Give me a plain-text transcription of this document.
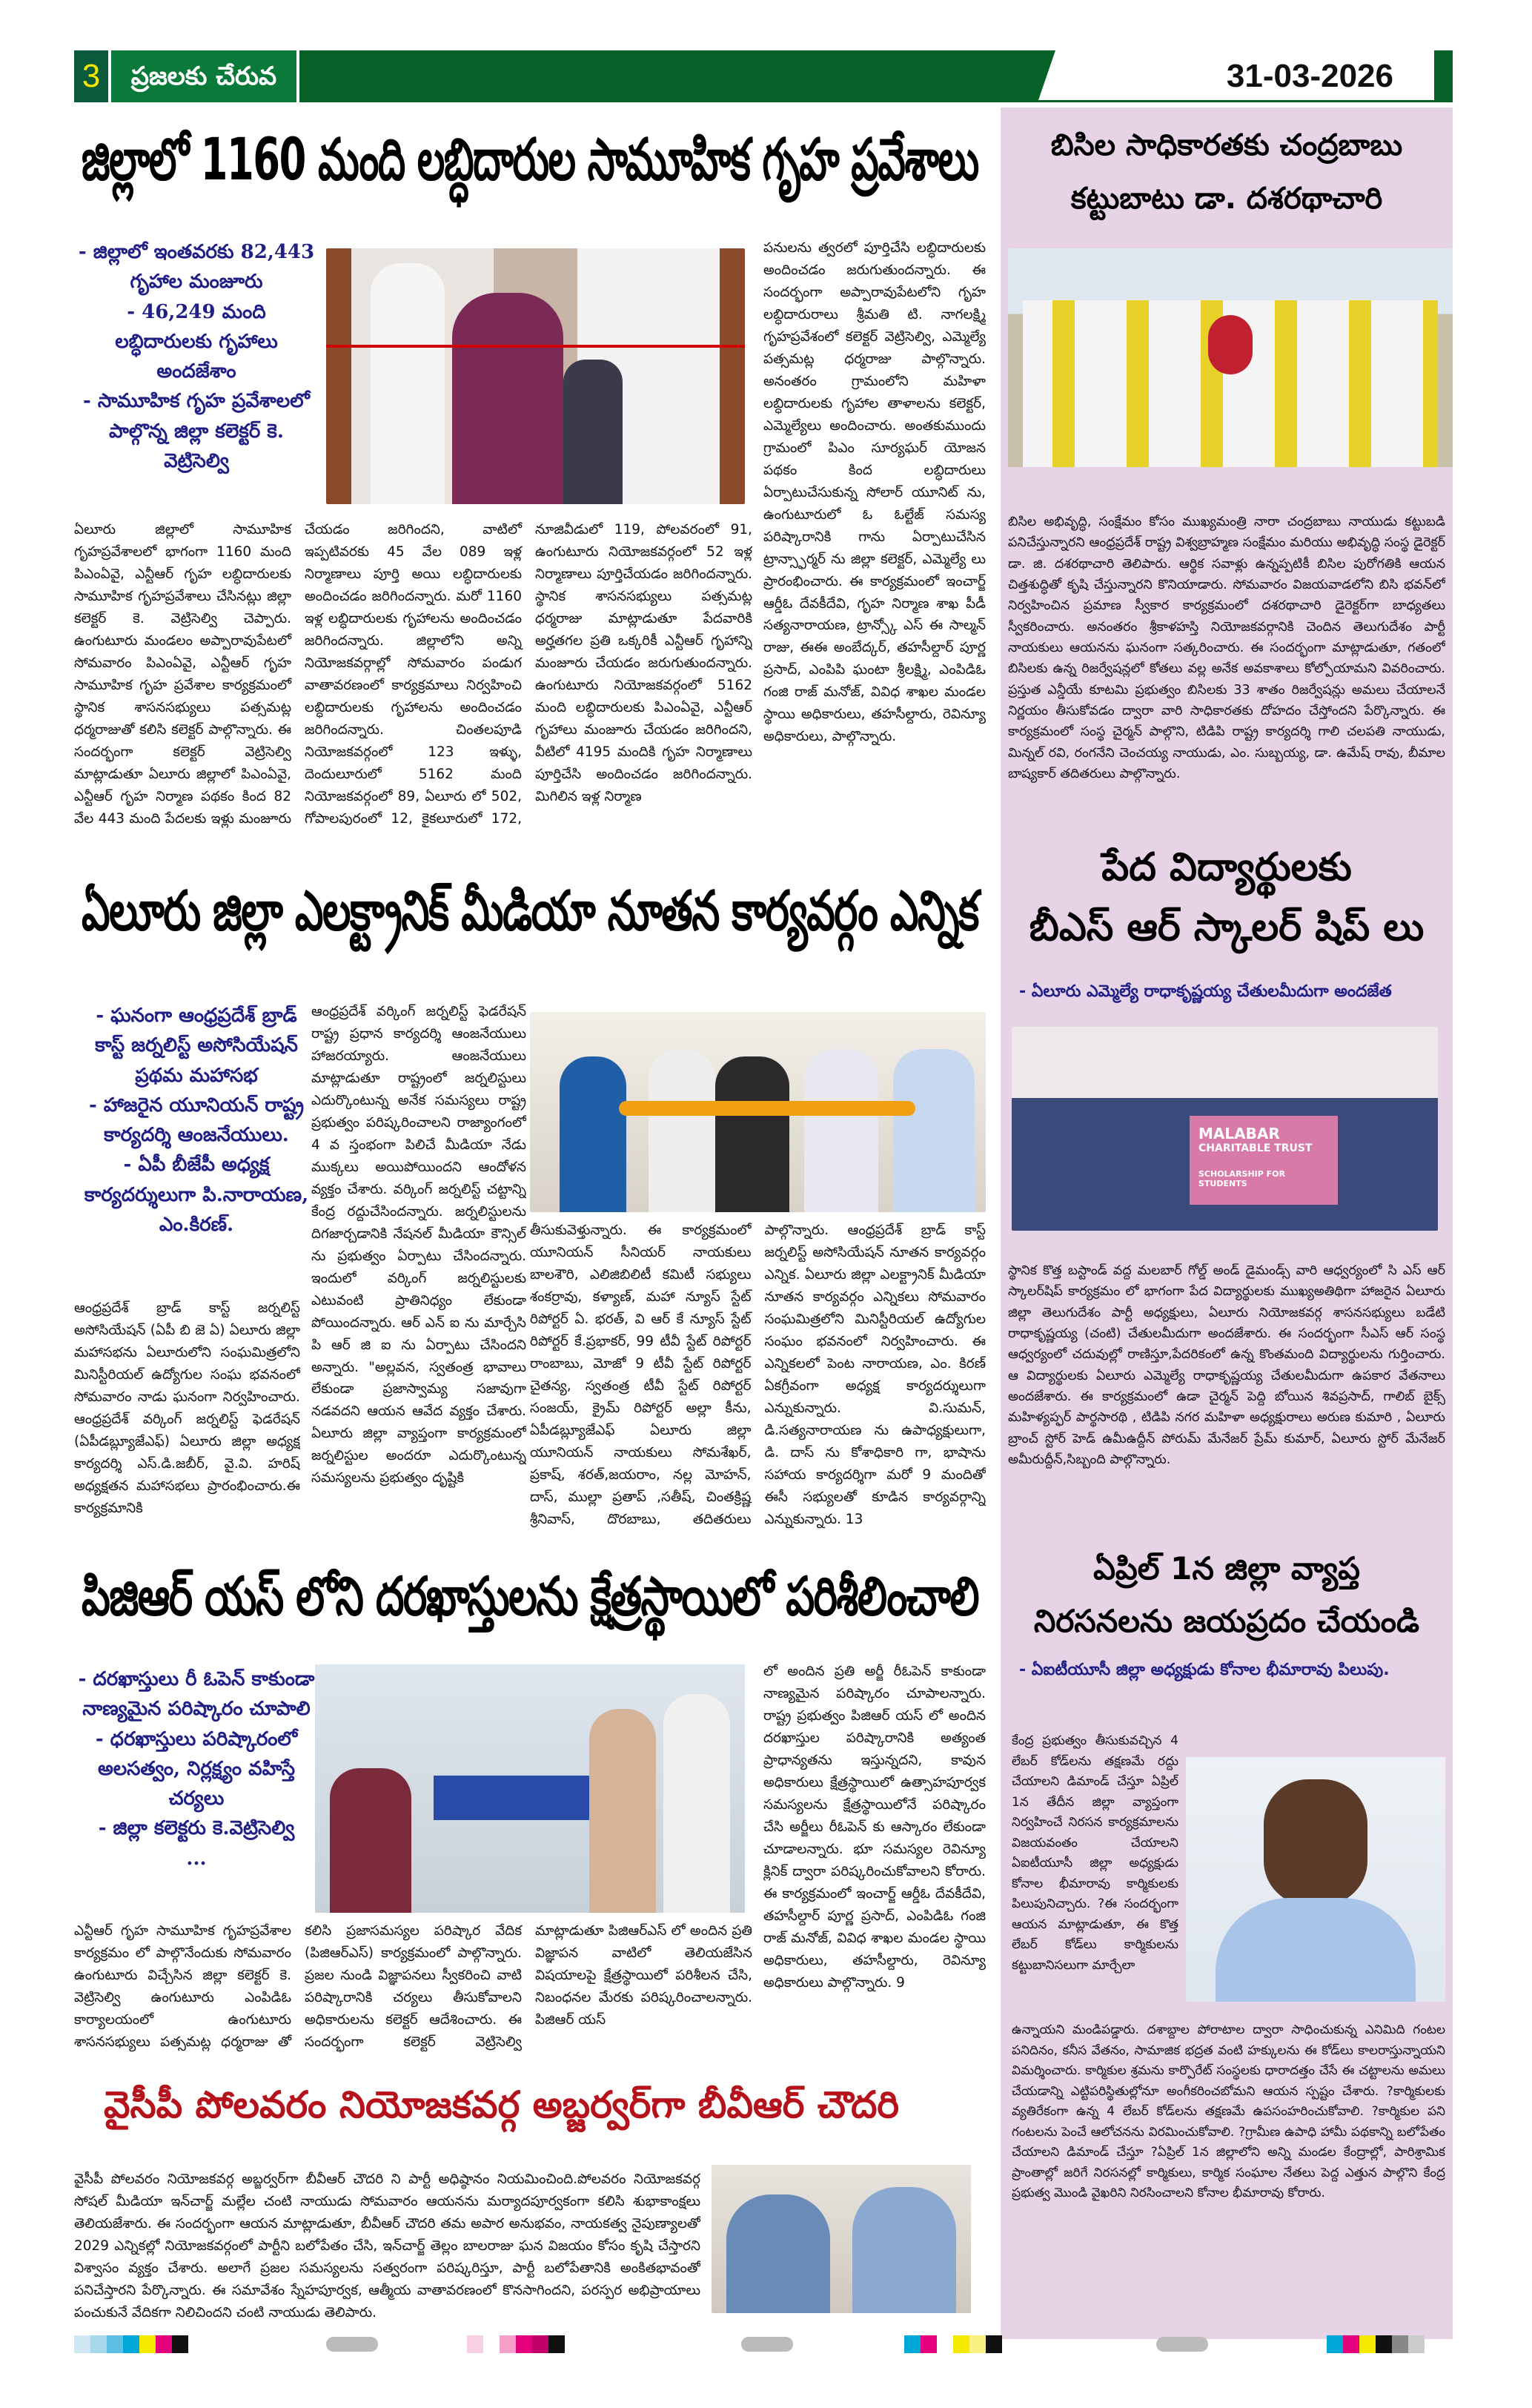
3	ప్రజలకు చేరువ	31-03-2026
జిల్లాలో 1160 మంది లబ్ధిదారుల సామూహిక గృహ ప్రవేశాలు
- జిల్లాలో ఇంతవరకు 82,443 గృహాల మంజూరు
- 46,249 మంది లబ్ధిదారులకు గృహాలు అందజేశాం
- సామూహిక గృహ ప్రవేశాలలో పాల్గొన్న జిల్లా కలెక్టర్ కె. వెట్రిసెల్వి
పనులను త్వరలో పూర్తిచేసి లబ్ధిదారులకు అందించడం జరుగుతుందన్నారు. ఈ సందర్భంగా అప్పారావుపేటలోని గృహ లబ్ధిదారురాలు శ్రీమతి టి. నాగలక్ష్మి గృహప్రవేశంలో కలెక్టర్ వెట్రిసెల్వి, ఎమ్మెల్యే పత్సమట్ల ధర్మరాజు పాల్గొన్నారు. అనంతరం గ్రామంలోని మహిళా లబ్ధిదారులకు గృహాల తాళాలను కలెక్టర్, ఎమ్మెల్యేలు అందించారు. అంతకుముందు గ్రామంలో పిఎం సూర్యఘర్ యోజన పథకం కింద లబ్ధిదారులు ఏర్పాటుచేసుకున్న సోలార్ యూనిట్ ను, ఉంగుటూరులో ఓ ఓల్టేజ్ సమస్య పరిష్కారానికి గాను ఏర్పాటుచేసిన ట్రాన్స్ఫార్మర్ ను జిల్లా కలెక్టర్, ఎమ్మెల్యే లు ప్రారంభించారు. ఈ కార్యక్రమంలో ఇంచార్జ్ ఆర్డీఓ దేవకీదేవి, గృహ నిర్మాణ శాఖ పీడీ సత్యనారాయణ, ట్రాన్స్కో ఎస్ ఈ సాల్మన్ రాజు, ఈఈ అంబేద్కర్, తహసీల్దార్ పూర్ణ ప్రసాద్, ఎంపిపి ఘంటా శ్రీలక్ష్మి, ఎంపిడిఓ గంజి రాజ్ మనోజ్, వివిధ శాఖల మండల స్థాయి అధికారులు, తహసీల్దారు, రెవిన్యూ అధికారులు, పాల్గొన్నారు.
ఏలూరు జిల్లాలో సామూహిక గృహప్రవేశాలలో భాగంగా 1160 మంది పిఎంఏవై, ఎన్టీఆర్ గృహ లబ్ధిదారులకు సామూహిక గృహప్రవేశాలు చేసినట్లు జిల్లా కలెక్టర్ కె. వెట్రిసెల్వి చెప్పారు. ఉంగుటూరు మండలం అప్పారావుపేటలో సోమవారం పిఎంఏవై, ఎన్టీఆర్ గృహ సామూహిక గృహ ప్రవేశాల కార్యక్రమంలో స్థానిక శాసనసభ్యులు పత్సమట్ల ధర్మరాజుతో కలిసి కలెక్టర్ పాల్గొన్నారు. ఈ సందర్భంగా కలెక్టర్ వెట్రిసెల్వి మాట్లాడుతూ ఏలూరు జిల్లాలో పిఎంఏవై, ఎన్టీఆర్ గృహ నిర్మాణ పథకం కింద 82 వేల 443 మంది పేదలకు ఇళ్లు మంజూరు చేయడం జరిగిందని, వాటిలో ఇప్పటివరకు 45 వేల 089 ఇళ్ల నిర్మాణాలు పూర్తి అయి లబ్ధిదారులకు అందించడం జరిగిందన్నారు. మరో 1160 ఇళ్ల లబ్ధిదారులకు గృహాలను అందించడం జరిగిందన్నారు. జిల్లాలోని అన్ని నియోజకవర్గాల్లో సోమవారం పండుగ వాతావరణంలో కార్యక్రమాలు నిర్వహించి లబ్ధిదారులకు గృహాలను అందించడం జరిగిందన్నారు. చింతలపూడి నియోజకవర్గంలో 123 ఇళ్ళు, దెందులూరులో 5162 మంది నియోజకవర్గంలో 89, ఏలూరు లో 502, గోపాలపురంలో 12, కైకలూరులో 172, నూజివీడులో 119, పోలవరంలో 91, ఉంగుటూరు నియోజకవర్గంలో 52 ఇళ్ల నిర్మాణాలు పూర్తిచేయడం జరిగిందన్నారు. స్థానిక శాసనసభ్యులు పత్సమట్ల ధర్మరాజు మాట్లాడుతూ పేదవారికి అర్హతగల ప్రతి ఒక్కరికీ ఎన్టీఆర్ గృహాన్ని మంజూరు చేయడం జరుగుతుందన్నారు. ఉంగుటూరు నియోజకవర్గంలో 5162 మంది లబ్ధిదారులకు పిఎంఏవై, ఎన్టీఆర్ గృహాలు మంజూరు చేయడం జరిగిందని, వీటిలో 4195 మందికి గృహ నిర్మాణాలు పూర్తిచేసి అందించడం జరిగిందన్నారు. మిగిలిన ఇళ్ల నిర్మాణ
ఏలూరు జిల్లా ఎలక్ట్రానిక్ మీడియా నూతన కార్యవర్గం ఎన్నిక
- ఘనంగా ఆంధ్రప్రదేశ్ బ్రాడ్ కాస్ట్ జర్నలిస్ట్ అసోసియేషన్ ప్రథమ మహాసభ
- హాజరైన యూనియన్ రాష్ట్ర కార్యదర్శి ఆంజనేయులు.
- ఏపీ బీజేపీ అధ్యక్ష కార్యదర్శులుగా పి.నారాయణ, ఎం.కిరణ్.
ఆంధ్రప్రదేశ్ బ్రాడ్ కాస్ట్ జర్నలిస్ట్ అసోసియేషన్ (ఏపీ బి జె ఏ) ఏలూరు జిల్లా మహాసభను ఏలూరులోని సంఘమిత్రలోని మినిస్టీరియల్ ఉద్యోగుల సంఘ భవనంలో సోమవారం నాడు ఘనంగా నిర్వహించారు. ఆంధ్రప్రదేశ్ వర్కింగ్ జర్నలిస్ట్ ఫెడరేషన్ (ఏపీడబ్ల్యూజేఎఫ్) ఏలూరు జిల్లా అధ్యక్ష కార్యదర్శి ఎస్.డి.జబీర్, వై.వి. హరిష్ అధ్యక్షతన మహాసభలు ప్రారంభించారు.ఈ కార్యక్రమానికి
ఆంధ్రప్రదేశ్ వర్కింగ్ జర్నలిస్ట్ ఫెడరేషన్ రాష్ట్ర ప్రధాన కార్యదర్శి ఆంజనేయులు హాజరయ్యారు. ఆంజనేయులు మాట్లాడుతూ రాష్ట్రంలో జర్నలిస్టులు ఎదుర్కొంటున్న అనేక సమస్యలు రాష్ట్ర ప్రభుత్వం పరిష్కరించాలని రాజ్యాంగంలో 4 వ స్తంభంగా పిలిచే మీడియా నేడు ముక్కలు అయిపోయిందని ఆందోళన వ్యక్తం చేశారు. వర్కింగ్ జర్నలిస్ట్ చట్టాన్ని కేంద్ర రద్దుచేసిందన్నారు. జర్నలిస్టులను దిగజార్చడానికి నేషనల్ మీడియా కౌన్సిల్ ను ప్రభుత్వం ఏర్పాటు చేసిందన్నారు. ఇందులో వర్కింగ్ జర్నలిస్టులకు ఎటువంటి ప్రాతినిధ్యం లేకుండా పోయిందన్నారు. ఆర్ ఎన్ ఐ ను మార్చేసి పి ఆర్ జి ఐ ను ఏర్పాటు చేసిందని అన్నారు. "అల్లవన, స్వతంత్ర భావాలు లేకుండా ప్రజాస్వామ్య సజావుగా నడవదని ఆయన ఆవేద వ్యక్తం చేశారు. ఏలూరు జిల్లా వ్యాప్తంగా కార్యక్రమంలో జర్నలిస్టుల అందరూ ఎదుర్కొంటున్న సమస్యలను ప్రభుత్వం దృష్టికి
తీసుకువెళ్తున్నారు. ఈ కార్యక్రమంలో యూనియన్ సీనియర్ నాయకులు బాలశౌరి, ఎలిజిబిలిటీ కమిటీ సభ్యులు శంకర్రావు, కళ్యాణ్, మహా న్యూస్ స్టేట్ రిపోర్టర్ ఏ. భరత్, వి ఆర్ కే న్యూస్ స్టేట్ రిపోర్టర్ కే.ప్రభాకర్, 99 టీవీ స్టేట్ రిపోర్టర్ రాంబాబు, మోజో 9 టీవీ స్టేట్ రిపోర్టర్ చైతన్య, స్వతంత్ర టీవీ స్టేట్ రిపోర్టర్ సంజయ్, క్రైమ్ రిపోర్టర్ అల్లా కీను, ఏపీడబ్ల్యూజేఎఫ్ ఏలూరు జిల్లా యూనియన్ నాయకులు సోమశేఖర్, ప్రకాష్, శరత్,జయరాం, నల్ల మోహన్, దాస్, ముల్లా ప్రతాప్ ,సతీష్, చింతక్రిష్ణ శ్రీనివాస్, దొరబాబు, తదితరులు పాల్గొన్నారు. ఆంధ్రప్రదేశ్ బ్రాడ్ కాస్ట్ జర్నలిస్ట్ అసోసియేషన్ నూతన కార్యవర్గం ఎన్నిక. ఏలూరు జిల్లా ఎలక్ట్రానిక్ మీడియా నూతన కార్యవర్గం ఎన్నికలు సోమవారం సంఘమిత్రలోని మినిస్టీరియల్ ఉద్యోగుల సంఘం భవనంలో నిర్వహించారు. ఈ ఎన్నికలలో పెంట నారాయణ, ఎం. కిరణ్ ఏకగ్రీవంగా అధ్యక్ష కార్యదర్శులుగా ఎన్నుకున్నారు. వి.సుమన్, డి.సత్యనారాయణ ను ఉపాధ్యక్షులుగా, డి. దాస్ ను కోశాధికారి గా, భాషాను సహాయ కార్యదర్శిగా మరో 9 మందితో ఈసీ సభ్యులతో కూడిన కార్యవర్గాన్ని ఎన్నుకున్నారు. 13
పిజిఆర్ యస్ లోని దరఖాస్తులను క్షేత్రస్థాయిలో పరిశీలించాలి
- దరఖాస్తులు రీ ఓపెన్ కాకుండా నాణ్యమైన పరిష్కారం చూపాలి
- ధరఖాస్తులు పరిష్కారంలో అలసత్వం, నిర్లక్ష్యం వహిస్తే చర్యలు
- జిల్లా కలెక్టరు కె.వెట్రిసెల్వి
...
లో అందిన ప్రతి అర్జీ రీఓపెన్ కాకుండా నాణ్యమైన పరిష్కారం చూపాలన్నారు. రాష్ట్ర ప్రభుత్వం పిజిఆర్ యస్ లో అందిన దరఖాస్తుల పరిష్కారానికి అత్యంత ప్రాధాన్యతను ఇస్తున్నదని, కావున అధికారులు క్షేత్రస్థాయిలో ఉత్సాహపూర్వక సమస్యలను క్షేత్రస్థాయిలోనే పరిష్కారం చేసి అర్జీలు రీఓపెన్ కు ఆస్కారం లేకుండా చూడాలన్నారు. భూ సమస్యల రెవిన్యూ క్లినిక్ ద్వారా పరిష్కరించుకోవాలని కోరారు. ఈ కార్యక్రమంలో ఇంచార్జ్ ఆర్డీఓ దేవకీదేవి, తహసీల్దార్ పూర్ణ ప్రసాద్, ఎంపిడిఓ గంజి రాజ్ మనోజ్, వివిధ శాఖల మండల స్థాయి అధికారులు, తహసీల్దారు, రెవిన్యూ అధికారులు పాల్గొన్నారు. 9
ఎన్టీఆర్ గృహ సామూహిక గృహప్రవేశాల కార్యక్రమం లో పాల్గొనేందుకు సోమవారం ఉంగుటూరు విచ్చేసిన జిల్లా కలెక్టర్ కె. వెట్రిసెల్వి ఉంగుటూరు ఎంపిడిఓ కార్యాలయంలో ఉంగుటూరు శాసనసభ్యులు పత్సమట్ల ధర్మరాజు తో కలిసి ప్రజాసమస్యల పరిష్కార వేదిక (పిజిఆర్ఎస్) కార్యక్రమంలో పాల్గొన్నారు. ప్రజల నుండి విజ్ఞాపనలు స్వీకరించి వాటి పరిష్కారానికి చర్యలు తీసుకోవాలని అధికారులను కలెక్టర్ ఆదేశించారు. ఈ సందర్భంగా కలెక్టర్ వెట్రిసెల్వి మాట్లాడుతూ పిజిఆర్ఎస్ లో అందిన ప్రతి విజ్ఞాపన వాటిలో తెలియజేసిన విషయాలపై క్షేత్రస్థాయిలో పరిశీలన చేసి, నిబంధనల మేరకు పరిష్కరించాలన్నారు. పిజిఆర్ యస్
వైసీపీ పోలవరం నియోజకవర్గ అబ్జర్వర్‌గా బీవీఆర్ చౌదరి
వైసీపీ పోలవరం నియోజకవర్గ అబ్జర్వర్‌గా బీవీఆర్ చౌదరి ని పార్టీ అధిష్ఠానం నియమించింది.పోలవరం నియోజకవర్గ సోషల్ మీడియా ఇన్‌చార్జ్ మల్లేల చంటి నాయుడు సోమవారం ఆయనను మర్యాదపూర్వకంగా కలిసి శుభాకాంక్షలు తెలియజేశారు. ఈ సందర్భంగా ఆయన మాట్లాడుతూ, బీవీఆర్ చౌదరి తమ అపార అనుభవం, నాయకత్వ నైపుణ్యాలతో 2029 ఎన్నికల్లో నియోజకవర్గంలో పార్టీని బలోపేతం చేసి, ఇన్‌చార్జ్ తెల్లం బాలరాజు ఘన విజయం కోసం కృషి చేస్తారని విశ్వాసం వ్యక్తం చేశారు. అలాగే ప్రజల సమస్యలను సత్వరంగా పరిష్కరిస్తూ, పార్టీ బలోపేతానికి అంకితభావంతో పనిచేస్తారని పేర్కొన్నారు. ఈ సమావేశం స్నేహపూర్వక, ఆత్మీయ వాతావరణంలో కొనసాగిందని, పరస్పర అభిప్రాయాలు పంచుకునే వేదికగా నిలిచిందని చంటి నాయుడు తెలిపారు.
బిసిల సాధికారతకు చంద్రబాబు
కట్టుబాటు డా. దశరథాచారి
బిసిల అభివృద్ధి, సంక్షేమం కోసం ముఖ్యమంత్రి నారా చంద్రబాబు నాయుడు కట్టుబడి పనిచేస్తున్నారని ఆంధ్రప్రదేశ్ రాష్ట్ర విశ్వబ్రాహ్మణ సంక్షేమం మరియు అభివృద్ధి సంస్థ డైరెక్టర్ డా. జి. దశరథాచారి తెలిపారు. ఆర్థిక సవాళ్లు ఉన్నప్పటికీ బిసిల పురోగతికి ఆయన చిత్తశుద్ధితో కృషి చేస్తున్నారని కొనియాడారు. సోమవారం విజయవాడలోని బిసి భవన్‌లో నిర్వహించిన ప్రమాణ స్వీకార కార్యక్రమంలో దశరథాచారి డైరెక్టర్‌గా బాధ్యతలు స్వీకరించారు. అనంతరం శ్రీకాళహస్తి నియోజకవర్గానికి చెందిన తెలుగుదేశం పార్టీ నాయకులు ఆయనను ఘనంగా సత్కరించారు. ఈ సందర్భంగా మాట్లాడుతూ, గతంలో బిసిలకు ఉన్న రిజర్వేషన్లలో కోతలు వల్ల అనేక అవకాశాలు కోల్పోయామని వివరించారు. ప్రస్తుత ఎన్డీయే కూటమి ప్రభుత్వం బిసిలకు 33 శాతం రిజర్వేషన్లు అమలు చేయాలనే నిర్ణయం తీసుకోవడం ద్వారా వారి సాధికారతకు దోహదం చేస్తోందని పేర్కొన్నారు. ఈ కార్యక్రమంలో సంస్థ చైర్మన్ పాల్గొని, టిడిపి రాష్ట్ర కార్యదర్శి గాలి చలపతి నాయుడు, మిన్నల్ రవి, రంగనేని చెంచయ్య నాయుడు, ఎం. సుబ్బయ్య, డా. ఉమేష్ రావు, బీమాల బాష్యకార్ తదితరులు పాల్గొన్నారు.
పేద విద్యార్థులకు
బీఎస్ ఆర్ స్కాలర్ షిప్ లు
- ఏలూరు ఎమ్మెల్యే రాధాకృష్ణయ్య చేతులమీదుగా అందజేత
MALABAR
CHARITABLE TRUST
SCHOLARSHIP FOR STUDENTS
స్థానిక కొత్త బస్టాండ్ వద్ద మలబార్ గోల్డ్ అండ్ డైమండ్స్ వారి ఆధ్వర్యంలో సి ఎస్ ఆర్ స్కాలర్‌షిప్ కార్యక్రమం లో భాగంగా పేద విద్యార్థులకు ముఖ్యఅతిథిగా హాజరైన ఏలూరు జిల్లా తెలుగుదేశం పార్టీ అధ్యక్షులు, ఏలూరు నియోజకవర్గ శాసనసభ్యులు బడేటి రాధాకృష్ణయ్య (చంటి) చేతులమీదుగా అందజేశారు. ఈ సందర్భంగా సీఎస్ ఆర్ సంస్థ ఆధ్వర్యంలో చదువుల్లో రాణిస్తూ,పేదరికంలో ఉన్న కొంతమంది విద్యార్థులను గుర్తించారు. ఆ విద్యార్థులకు ఏలూరు ఎమ్మెల్యే రాధాకృష్ణయ్య చేతులమీదుగా ఉపకార వేతనాలు అందజేశారు. ఈ కార్యక్రమంలో ఉడా చైర్మన్ పెద్ది బోయిన శివప్రసాద్, గాలిబ్ బైక్స్ మహిళ్యప్ఫర్ పార్థసారథి , టిడిపి నగర మహిళా అధ్యక్షురాలు అరుణ కుమారి , ఏలూరు బ్రాంచ్ స్టోర్ హెడ్ ఉమీఉద్దీన్ పోరుమ్ మేనేజర్ ప్రేమ్ కుమార్, ఏలూరు స్టోర్ మేనేజర్ అమీరుద్దీన్,సిబ్బంది పాల్గొన్నారు.
ఏప్రిల్ 1న జిల్లా వ్యాప్త
నిరసనలను జయప్రదం చేయండి
- ఏఐటీయూసీ జిల్లా అధ్యక్షుడు కోనాల భీమారావు పిలుపు.
కేంద్ర ప్రభుత్వం తీసుకువచ్చిన 4 లేబర్ కోడ్‌లను తక్షణమే రద్దు చేయాలని డిమాండ్ చేస్తూ ఏప్రిల్ 1న తేదీన జిల్లా వ్యాప్తంగా నిర్వహించే నిరసన కార్యక్రమాలను విజయవంతం చేయాలని ఏఐటీయూసీ జిల్లా అధ్యక్షుడు కోనాల భీమారావు కార్మికులకు పిలుపునిచ్చారు. ?ఈ సందర్భంగా ఆయన మాట్లాడుతూ, ఈ కొత్త లేబర్ కోడ్‌లు కార్మికులను కట్టుబానిసలుగా మార్చేలా
ఉన్నాయని మండిపడ్డారు. దశాబ్దాల పోరాటాల ద్వారా సాధించుకున్న ఎనిమిది గంటల పనిదినం, కనీస వేతనం, సామాజిక భద్రత వంటి హక్కులను ఈ కోడ్‌లు కాలరాస్తున్నాయని విమర్శించారు. కార్మికుల శ్రమను కార్పొరేట్ సంస్థలకు ధారాదత్తం చేసే ఈ చట్టాలను అమలు చేయడాన్ని ఎట్టిపరిస్థితుల్లోనూ అంగీకరించబోమని ఆయన స్పష్టం చేశారు. ?కార్మికులకు వ్యతిరేకంగా ఉన్న 4 లేబర్ కోడ్‌లను తక్షణమే ఉపసంహరించుకోవాలి. ?కార్మికుల పని గంటలను పెంచే ఆలోచనను విరమించుకోవాలి. ?గ్రామీణ ఉపాధి హామీ పథకాన్ని బలోపేతం చేయాలని డిమాండ్ చేస్తూ ?ఏప్రిల్ 1న జిల్లాలోని అన్ని మండల కేంద్రాల్లో, పారిశ్రామిక ప్రాంతాల్లో జరిగే నిరసనల్లో కార్మికులు, కార్మిక సంఘాల నేతలు పెద్ద ఎత్తున పాల్గొని కేంద్ర ప్రభుత్వ మొండి వైఖరిని నిరసించాలని కోనాల భీమారావు కోరారు.
